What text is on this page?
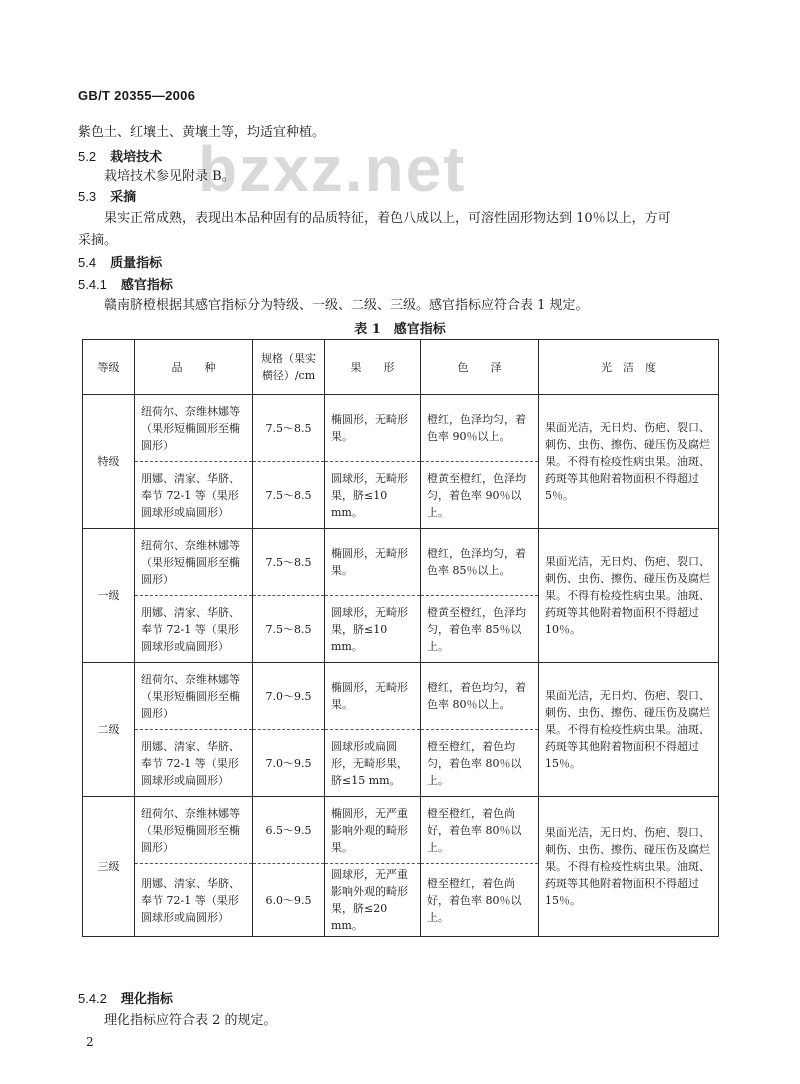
GB/T 20355—2006
bzxz.net
紫色土、红壤土、黄壤土等，均适宜种植。
5.2 栽培技术
栽培技术参见附录 B。
5.3 采摘
果实正常成熟，表现出本品种固有的品质特征，着色八成以上，可溶性固形物达到 10％以上，方可
采摘。
5.4 质量指标
5.4.1 感官指标
赣南脐橙根据其感官指标分为特级、一级、二级、三级。感官指标应符合表 1 规定。
表 1　感官指标
等级	品　　种	规格（果实横径）/cm	果　　形	色　　泽	光　洁　度
特级	纽荷尔、奈维林娜等（果形短椭圆形至椭圆形）	7.5～8.5	椭圆形，无畸形果。	橙红，色泽均匀，着色率 90％以上。	果面光洁，无日灼、伤疤、裂口、刺伤、虫伤、擦伤、碰压伤及腐烂果。不得有检疫性病虫果。油斑、药斑等其他附着物面积不得超过 5％。
	朋娜、清家、华脐、奉节 72-1 等（果形圆球形或扁圆形）	7.5～8.5	圆球形，无畸形果，脐≤10 mm。	橙黄至橙红，色泽均匀，着色率 90％以上。	
一级	纽荷尔、奈维林娜等（果形短椭圆形至椭圆形）	7.5～8.5	椭圆形，无畸形果。	橙红，色泽均匀，着色率 85％以上。	果面光洁，无日灼、伤疤、裂口、刺伤、虫伤、擦伤、碰压伤及腐烂果。不得有检疫性病虫果。油斑、药斑等其他附着物面积不得超过 10％。
	朋娜、清家、华脐、奉节 72-1 等（果形圆球形或扁圆形）	7.5～8.5	圆球形，无畸形果，脐≤10 mm。	橙黄至橙红，色泽均匀，着色率 85％以上。	
二级	纽荷尔、奈维林娜等（果形短椭圆形至椭圆形）	7.0～9.5	椭圆形，无畸形果。	橙红，着色均匀，着色率 80％以上。	果面光洁，无日灼、伤疤、裂口、刺伤、虫伤、擦伤、碰压伤及腐烂果。不得有检疫性病虫果。油斑、药斑等其他附着物面积不得超过 15％。
	朋娜、清家、华脐、奉节 72-1 等（果形圆球形或扁圆形）	7.0～9.5	圆球形或扁圆形，无畸形果，脐≤15 mm。	橙至橙红，着色均匀，着色率 80％以上。	
三级	纽荷尔、奈维林娜等（果形短椭圆形至椭圆形）	6.5～9.5	椭圆形，无严重影响外观的畸形果。	橙至橙红，着色尚好，着色率 80％以上。	果面光洁，无日灼、伤疤、裂口、刺伤、虫伤、擦伤、碰压伤及腐烂果。不得有检疫性病虫果。油斑、药斑等其他附着物面积不得超过 15％。
	朋娜、清家、华脐、奉节 72-1 等（果形圆球形或扁圆形）	6.0～9.5	圆球形，无严重影响外观的畸形果，脐≤20 mm。	橙至橙红，着色尚好，着色率 80％以上。	
5.4.2 理化指标
理化指标应符合表 2 的规定。
2
